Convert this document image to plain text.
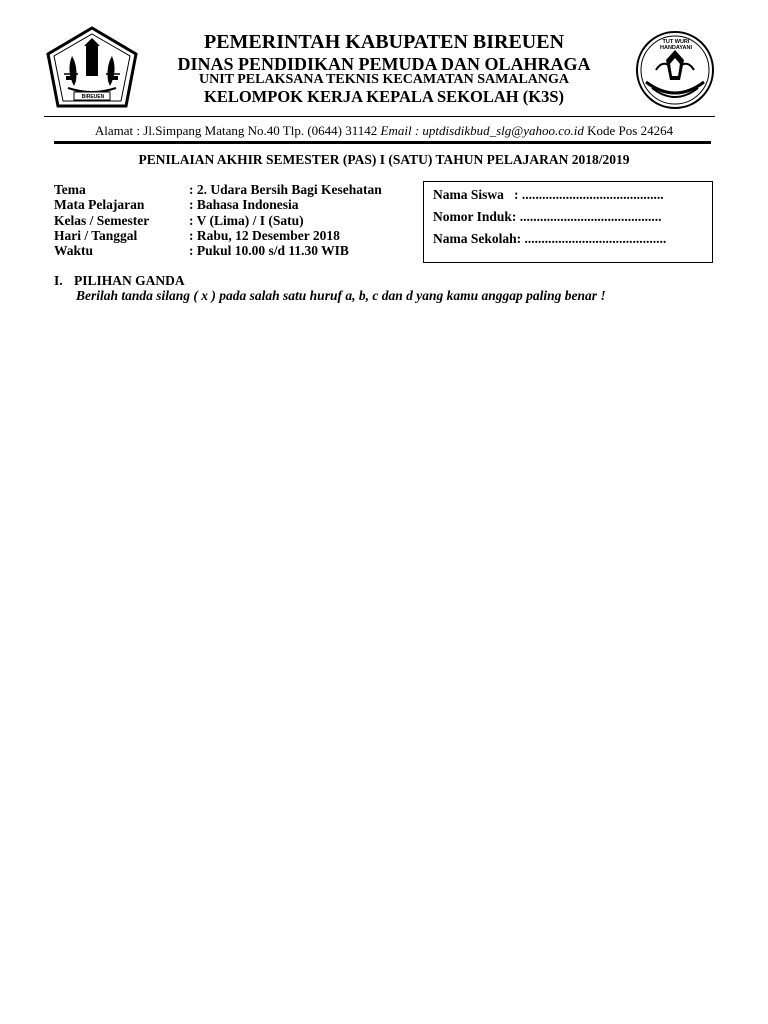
BIREUEN
TUT WURI HANDAYANI
PEMERINTAH KABUPATEN BIREUEN
DINAS PENDIDIKAN PEMUDA DAN OLAHRAGA
UNIT PELAKSANA TEKNIS KECAMATAN SAMALANGA
KELOMPOK KERJA KEPALA SEKOLAH (K3S)
Alamat : Jl.Simpang Matang No.40 Tlp. (0644) 31142 Email : uptdisdikbud_slg@yahoo.co.id Kode Pos 24264
PENILAIAN AKHIR SEMESTER (PAS) I (SATU) TAHUN PELAJARAN 2018/2019
Tema	: 2. Udara Bersih Bagi Kesehatan
Mata Pelajaran	: Bahasa Indonesia
Kelas / Semester	: V (Lima) / I (Satu)
Hari / Tanggal	: Rabu, 12 Desember 2018
Waktu	: Pukul 10.00 s/d 11.30 WIB
Nama Siswa   : ..........................................
Nomor Induk: ..........................................
Nama Sekolah: ..........................................
I. PILIHAN GANDA
Berilah tanda silang ( x ) pada salah satu huruf a, b, c dan d yang kamu anggap paling benar !
